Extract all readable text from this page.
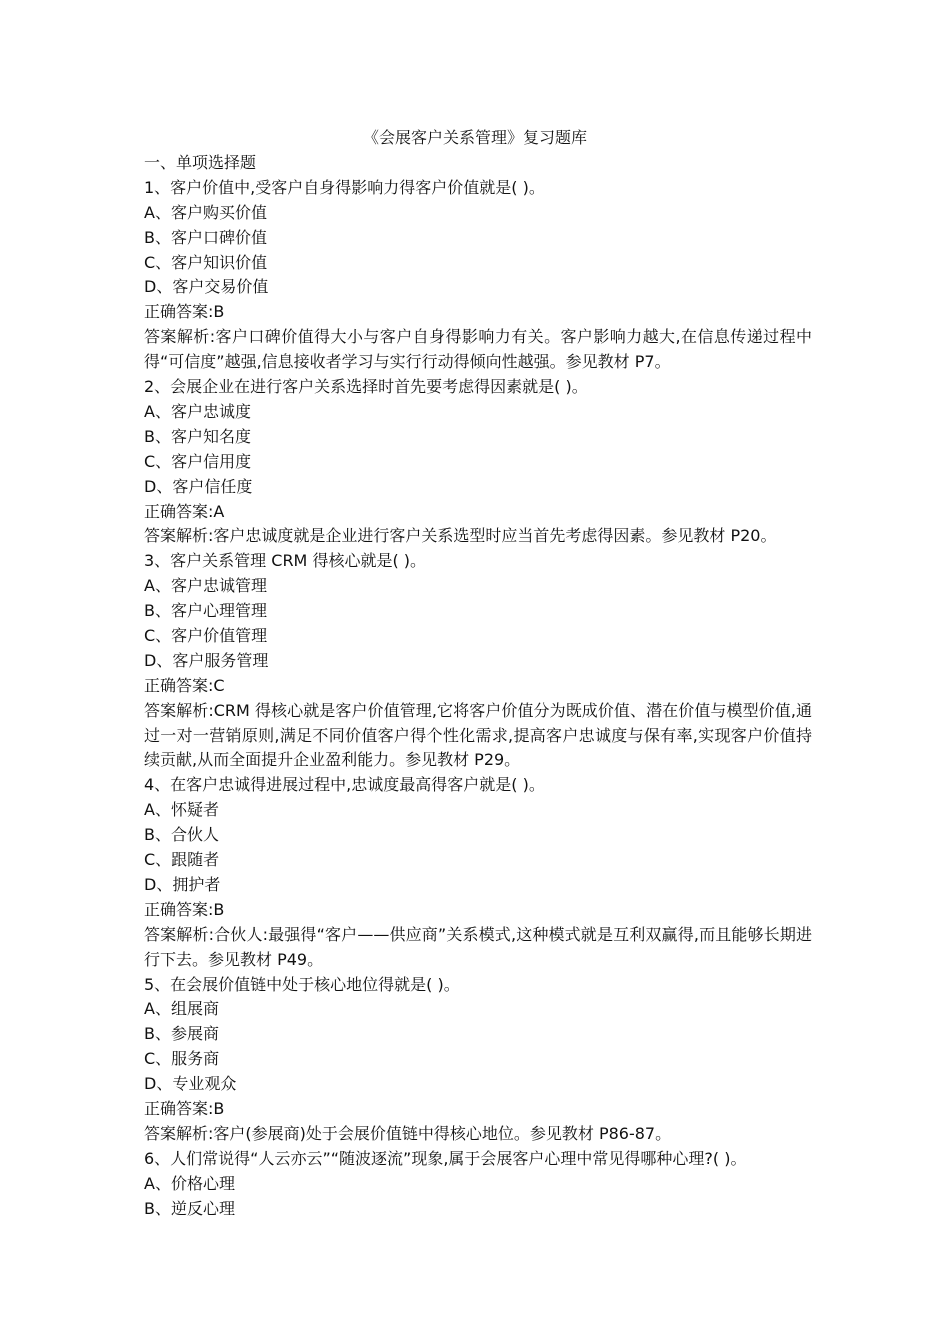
《会展客户关系管理》复习题库
一、单项选择题
1、客户价值中,受客户自身得影响力得客户价值就是( )。
A、客户购买价值
B、客户口碑价值
C、客户知识价值
D、客户交易价值
正确答案:B
答案解析:客户口碑价值得大小与客户自身得影响力有关。客户影响力越大,在信息传递过程中得“可信度”越强,信息接收者学习与实行行动得倾向性越强。参见教材 P7。
2、会展企业在进行客户关系选择时首先要考虑得因素就是( )。
A、客户忠诚度
B、客户知名度
C、客户信用度
D、客户信任度
正确答案:A
答案解析:客户忠诚度就是企业进行客户关系选型时应当首先考虑得因素。参见教材 P20。
3、客户关系管理 CRM 得核心就是( )。
A、客户忠诚管理
B、客户心理管理
C、客户价值管理
D、客户服务管理
正确答案:C
答案解析:CRM 得核心就是客户价值管理,它将客户价值分为既成价值、潜在价值与模型价值,通过一对一营销原则,满足不同价值客户得个性化需求,提高客户忠诚度与保有率,实现客户价值持续贡献,从而全面提升企业盈利能力。参见教材 P29。
4、在客户忠诚得进展过程中,忠诚度最高得客户就是( )。
A、怀疑者
B、合伙人
C、跟随者
D、拥护者
正确答案:B
答案解析:合伙人:最强得“客户——供应商”关系模式,这种模式就是互利双赢得,而且能够长期进行下去。参见教材 P49。
5、在会展价值链中处于核心地位得就是( )。
A、组展商
B、参展商
C、服务商
D、专业观众
正确答案:B
答案解析:客户(参展商)处于会展价值链中得核心地位。参见教材 P86-87。
6、人们常说得“人云亦云”“随波逐流”现象,属于会展客户心理中常见得哪种心理?( )。
A、价格心理
B、逆反心理
